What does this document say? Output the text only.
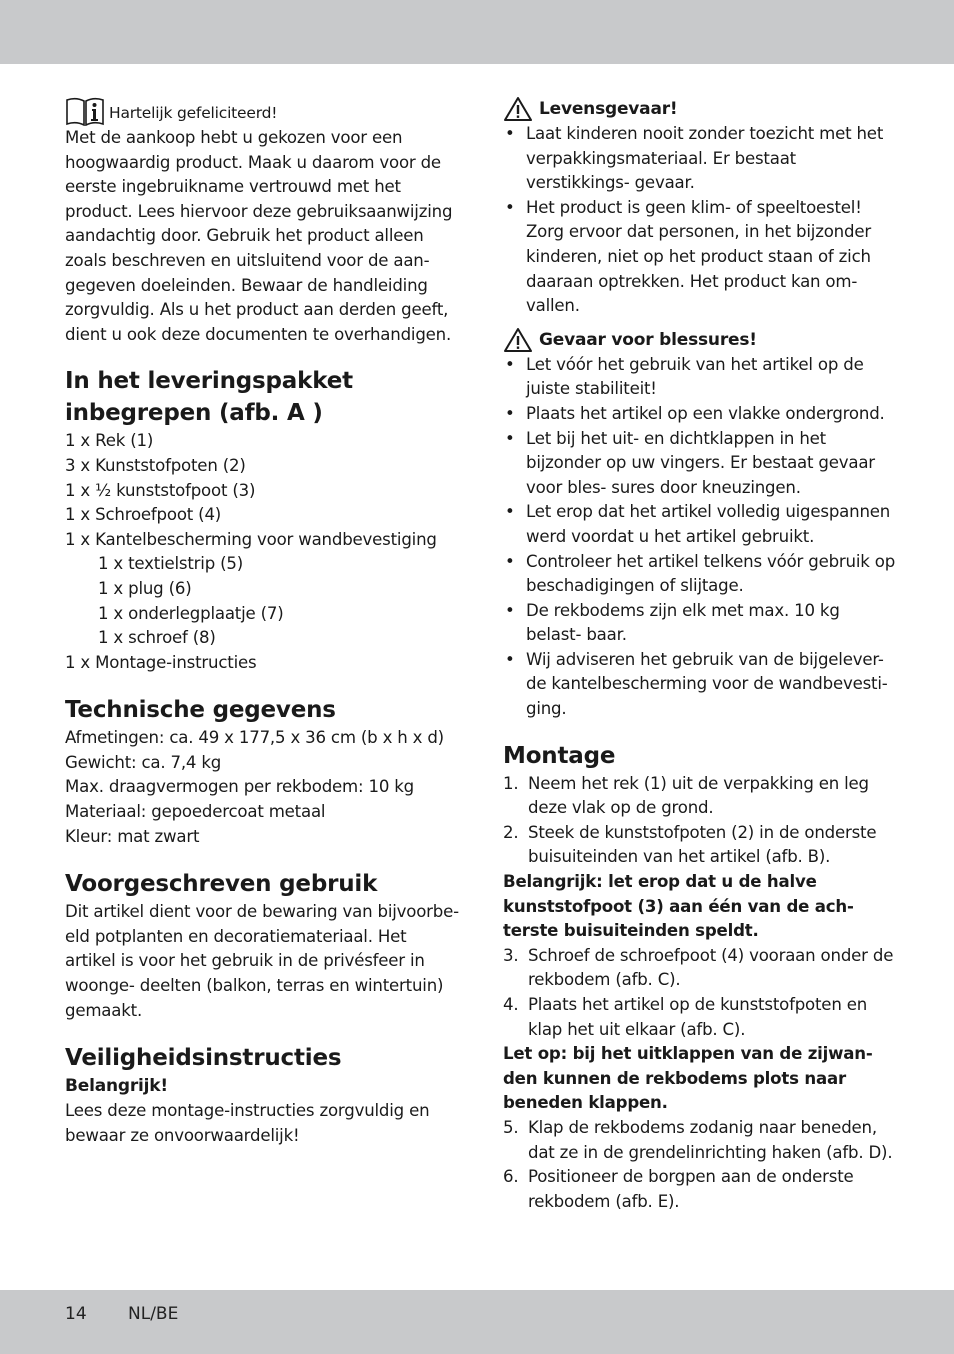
Hartelijk gefeliciteerd!

Met de aankoop hebt u gekozen voor een hoogwaardig product. Maak u daarom voor de eerste ingebruikname vertrouwd met het product. Lees hiervoor deze gebruiksaanwijzing aandachtig door. Gebruik het product alleen zoals beschreven en uitsluitend voor de aan- gegeven doeleinden. Bewaar de handleiding zorgvuldig. Als u het product aan derden geeft, dient u ook deze documenten te overhandigen.

In het leveringspakket inbegrepen (afb. A )
1 x Rek (1)
3 x Kunststofpoten (2)
1 x ½ kunststofpoot (3)
1 x Schroefpoot (4)
1 x Kantelbescherming voor wandbevestiging
1 x textielstrip (5)
1 x plug (6)
1 x onderlegplaatje (7)
1 x schroef (8)
1 x Montage-instructies
Technische gegevens
Afmetingen: ca. 49 x 177,5 x 36 cm (b x h x d)
Gewicht: ca. 7,4 kg
Max. draagvermogen per rekbodem: 10 kg
Materiaal: gepoedercoat metaal
Kleur: mat zwart
Voorgeschreven gebruik

Dit artikel dient voor de bewaring van bijvoorbe- eld potplanten en decoratiemateriaal. Het artikel is voor het gebruik in de privésfeer in woonge- deelten (balkon, terras en wintertuin) gemaakt.

Veiligheidsinstructies
Belangrijk!

Lees deze montage-instructies zorgvuldig en bewaar ze onvoorwaardelijk!

Levensgevaar!
• Laat kinderen nooit zonder toezicht met het verpakkingsmateriaal. Er bestaat verstikkings- gevaar.
• Het product is geen klim- of speeltoestel! Zorg ervoor dat personen, in het bijzonder kinderen, niet op het product staan of zich daaraan optrekken. Het product kan om- vallen.
Gevaar voor blessures!
• Let vóór het gebruik van het artikel op de juiste stabiliteit!
• Plaats het artikel op een vlakke ondergrond.
• Let bij het uit- en dichtklappen in het bijzonder op uw vingers. Er bestaat gevaar voor bles- sures door kneuzingen.
• Let erop dat het artikel volledig uigespannen werd voordat u het artikel gebruikt.
• Controleer het artikel telkens vóór gebruik op beschadigingen of slijtage.
• De rekbodems zijn elk met max. 10 kg belast- baar.
• Wij adviseren het gebruik van de bijgelever- de kantelbescherming voor de wandbevesti- ging.
Montage
1. Neem het rek (1) uit de verpakking en leg deze vlak op de grond.
2. Steek de kunststofpoten (2) in de onderste buisuiteinden van het artikel (afb. B).

Belangrijk: let erop dat u de halve kunststofpoot (3) aan één van de ach- terste buisuiteinden speldt.

3. Schroef de schroefpoot (4) vooraan onder de rekbodem (afb. C).
4. Plaats het artikel op de kunststofpoten en klap het uit elkaar (afb. C).

Let op: bij het uitklappen van de zijwan- den kunnen de rekbodems plots naar beneden klappen.

5. Klap de rekbodems zodanig naar beneden, dat ze in de grendelinrichting haken (afb. D).
6. Positioneer de borgpen aan de onderste rekbodem (afb. E).
14 NL/BE
